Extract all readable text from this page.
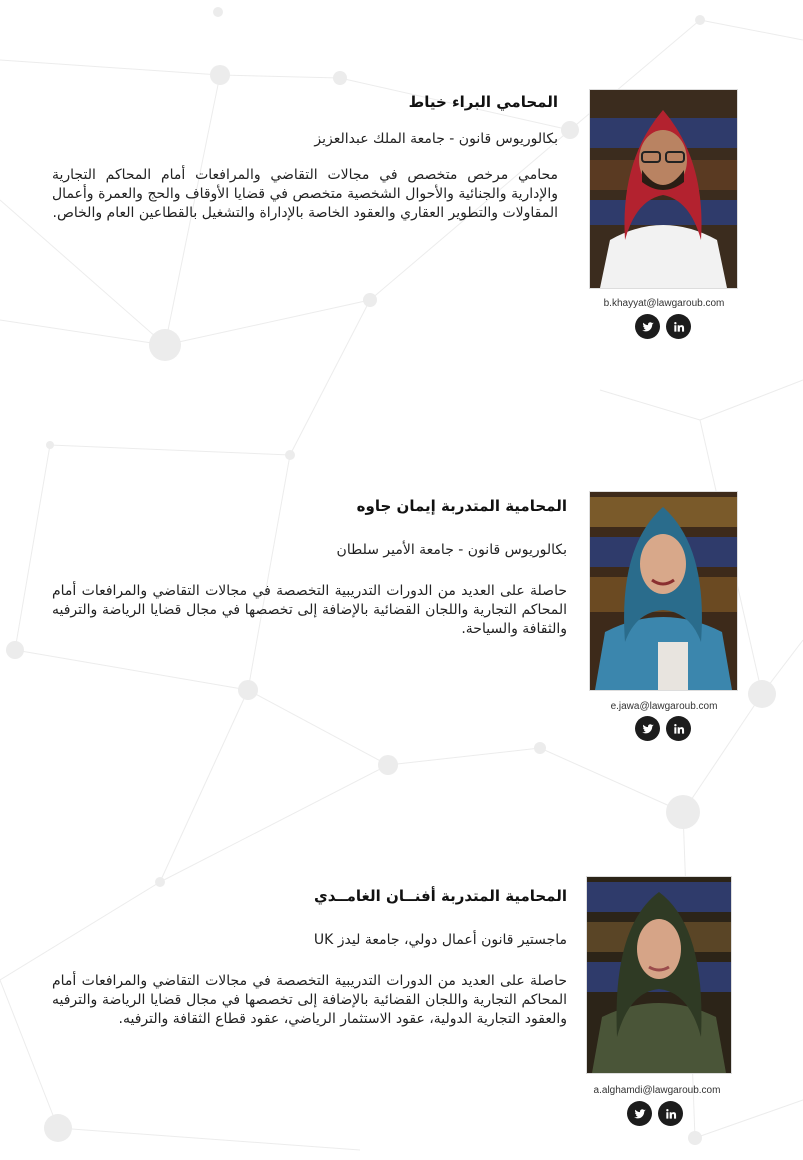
المحامي البراء خياط

بكالوريوس قانون - جامعة الملك عبدالعزيز

محامي مرخص متخصص في مجالات التقاضي والمرافعات أمام المحاكم التجارية والإدارية والجنائية والأحوال الشخصية متخصص في قضايا الأوقاف والحج والعمرة وأعمال المقاولات والتطوير العقاري والعقود الخاصة بالإداراة والتشغيل بالقطاعين العام والخاص.

b.khayyat@lawgaroub.com
المحامية المتدربة إيمان جاوه

بكالوريوس قانون - جامعة الأمير سلطان

حاصلة على العديد من الدورات التدريبية التخصصة في مجالات التقاضي والمرافعات أمام المحاكم التجارية واللجان القضائية بالإضافة إلى تخصصها في مجال قضايا الرياضة والترفيه والثقافة والسياحة.

e.jawa@lawgaroub.com
المحامية المتدربة أفنــان الغامــدي

ماجستير قانون أعمال دولي، جامعة ليدز UK

حاصلة على العديد من الدورات التدريبية التخصصة في مجالات التقاضي والمرافعات أمام المحاكم التجارية واللجان القضائية بالإضافة إلى تخصصها في مجال قضايا الرياضة والترفيه والعقود التجارية الدولية، عقود الاستثمار الرياضي، عقود قطاع الثقافة والترفيه.

a.alghamdi@lawgaroub.com
